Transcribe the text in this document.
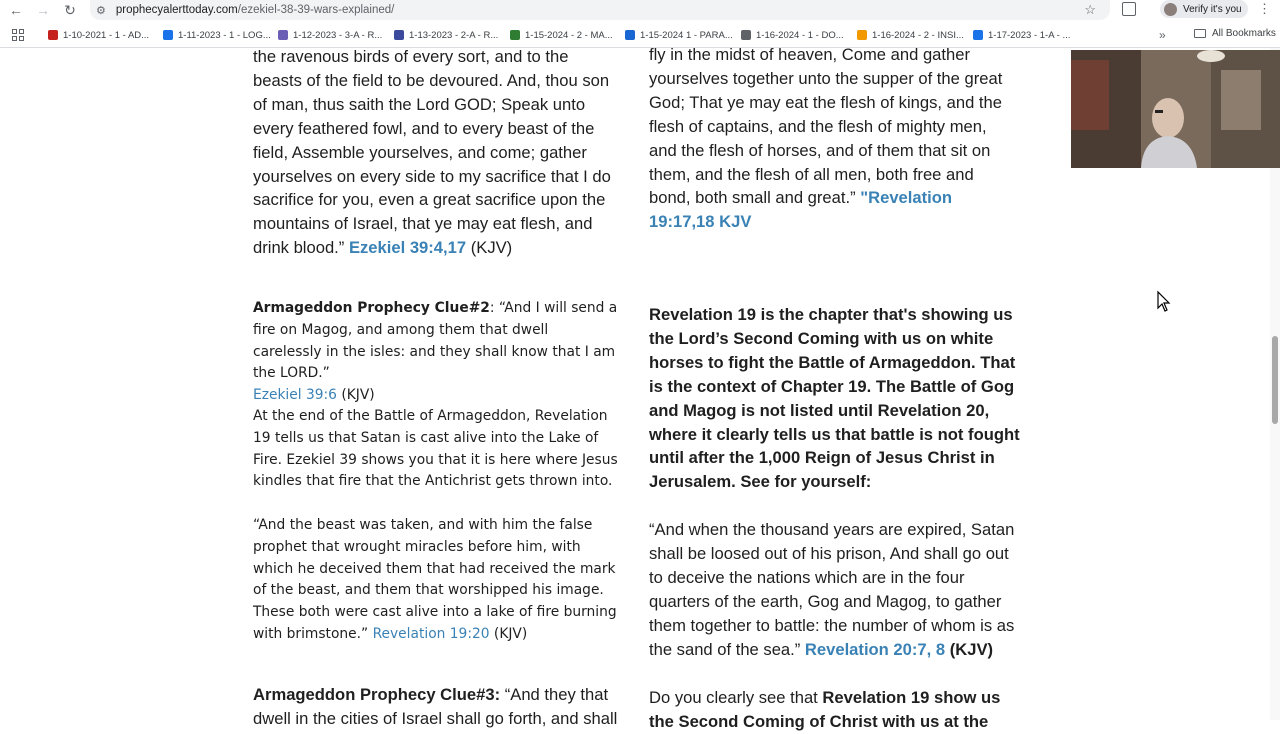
← →	↻	⚙ prophecyalerttoday.com /ezekiel-38-39-wars-explained/	☆	Verify it's you ⋮
1-10-2021 - 1 - AD...	1-11-2023 - 1 - LOG... 1-12-2023 - 3-A - R...	1-13-2023 - 2-A - R...	1-15-2024 - 2 - MA...	1-15-2024 1 - PARA... 1-16-2024 - 1 - DO...	1-16-2024 - 2 - INSI...	1-17-2023 - 1-A - ...	»	All Bookmarks
the ravenous birds of every sort, and to the beasts of the field to be devoured. And, thou son of man, thus saith the Lord GOD; Speak unto every feathered fowl, and to every beast of the field, Assemble yourselves, and come; gather yourselves on every side to my sacrifice that I do sacrifice for you, even a great sacrifice upon the mountains of Israel, that ye may eat flesh, and drink blood.” Ezekiel 39:4,17 (KJV)
Armageddon Prophecy Clue#2: “And I will send a fire on Magog, and among them that dwell carelessly in the isles: and they shall know that I am the LORD.”
Ezekiel 39:6 (KJV)
At the end of the Battle of Armageddon, Revelation 19 tells us that Satan is cast alive into the Lake of Fire. Ezekiel 39 shows you that it is here where Jesus kindles that fire that the Antichrist gets thrown into.
“And the beast was taken, and with him the false prophet that wrought miracles before him, with which he deceived them that had received the mark of the beast, and them that worshipped his image. These both were cast alive into a lake of fire burning with brimstone.” Revelation 19:20 (KJV)
Armageddon Prophecy Clue#3: “And they that dwell in the cities of Israel shall go forth, and shall
fly in the midst of heaven, Come and gather yourselves together unto the supper of the great God; That ye may eat the flesh of kings, and the flesh of captains, and the flesh of mighty men, and the flesh of horses, and of them that sit on them, and the flesh of all men, both free and bond, both small and great.” "Revelation 19:17,18 KJV
Revelation 19 is the chapter that's showing us the Lord’s Second Coming with us on white horses to fight the Battle of Armageddon. That is the context of Chapter 19. The Battle of Gog and Magog is not listed until Revelation 20, where it clearly tells us that battle is not fought until after the 1,000 Reign of Jesus Christ in Jerusalem. See for yourself:
“And when the thousand years are expired, Satan shall be loosed out of his prison, And shall go out to deceive the nations which are in the four quarters of the earth, Gog and Magog, to gather them together to battle: the number of whom is as the sand of the sea.” Revelation 20:7, 8 (KJV)
Do you clearly see that Revelation 19 show us the Second Coming of Christ with us at the
